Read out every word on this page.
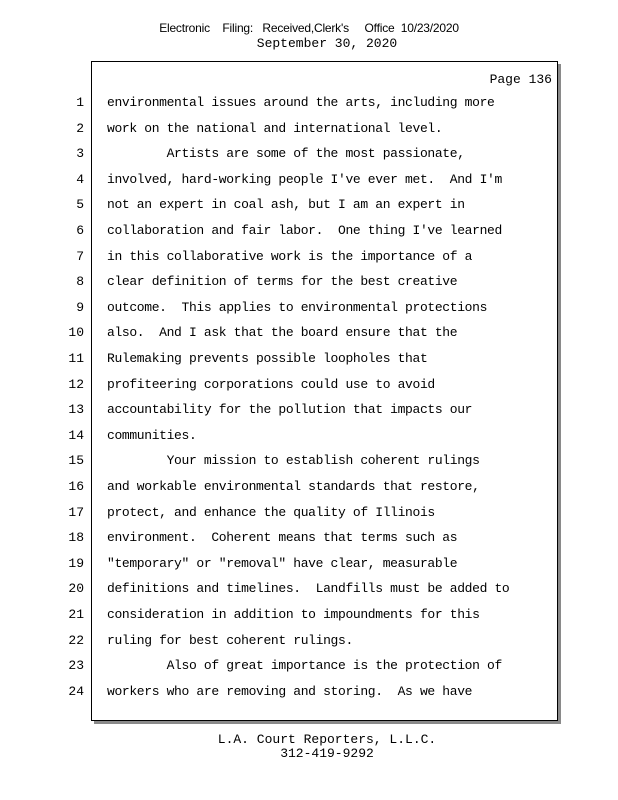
Electronic    Filing:   Received,Clerk's     Office  10/23/2020
September 30, 2020
Page 136
1 environmental issues around the arts, including more
2 work on the national and international level.
3 Artists are some of the most passionate,
4 involved, hard-working people I've ever met.  And I'm
5 not an expert in coal ash, but I am an expert in
6 collaboration and fair labor.  One thing I've learned
7 in this collaborative work is the importance of a
8 clear definition of terms for the best creative
9 outcome.  This applies to environmental protections
10 also.  And I ask that the board ensure that the
11 Rulemaking prevents possible loopholes that
12 profiteering corporations could use to avoid
13 accountability for the pollution that impacts our
14 communities.
15 Your mission to establish coherent rulings
16 and workable environmental standards that restore,
17 protect, and enhance the quality of Illinois
18 environment.  Coherent means that terms such as
19 "temporary" or "removal" have clear, measurable
20 definitions and timelines.  Landfills must be added to
21 consideration in addition to impoundments for this
22 ruling for best coherent rulings.
23 Also of great importance is the protection of
24 workers who are removing and storing.  As we have
L.A. Court Reporters, L.L.C.
312-419-9292
